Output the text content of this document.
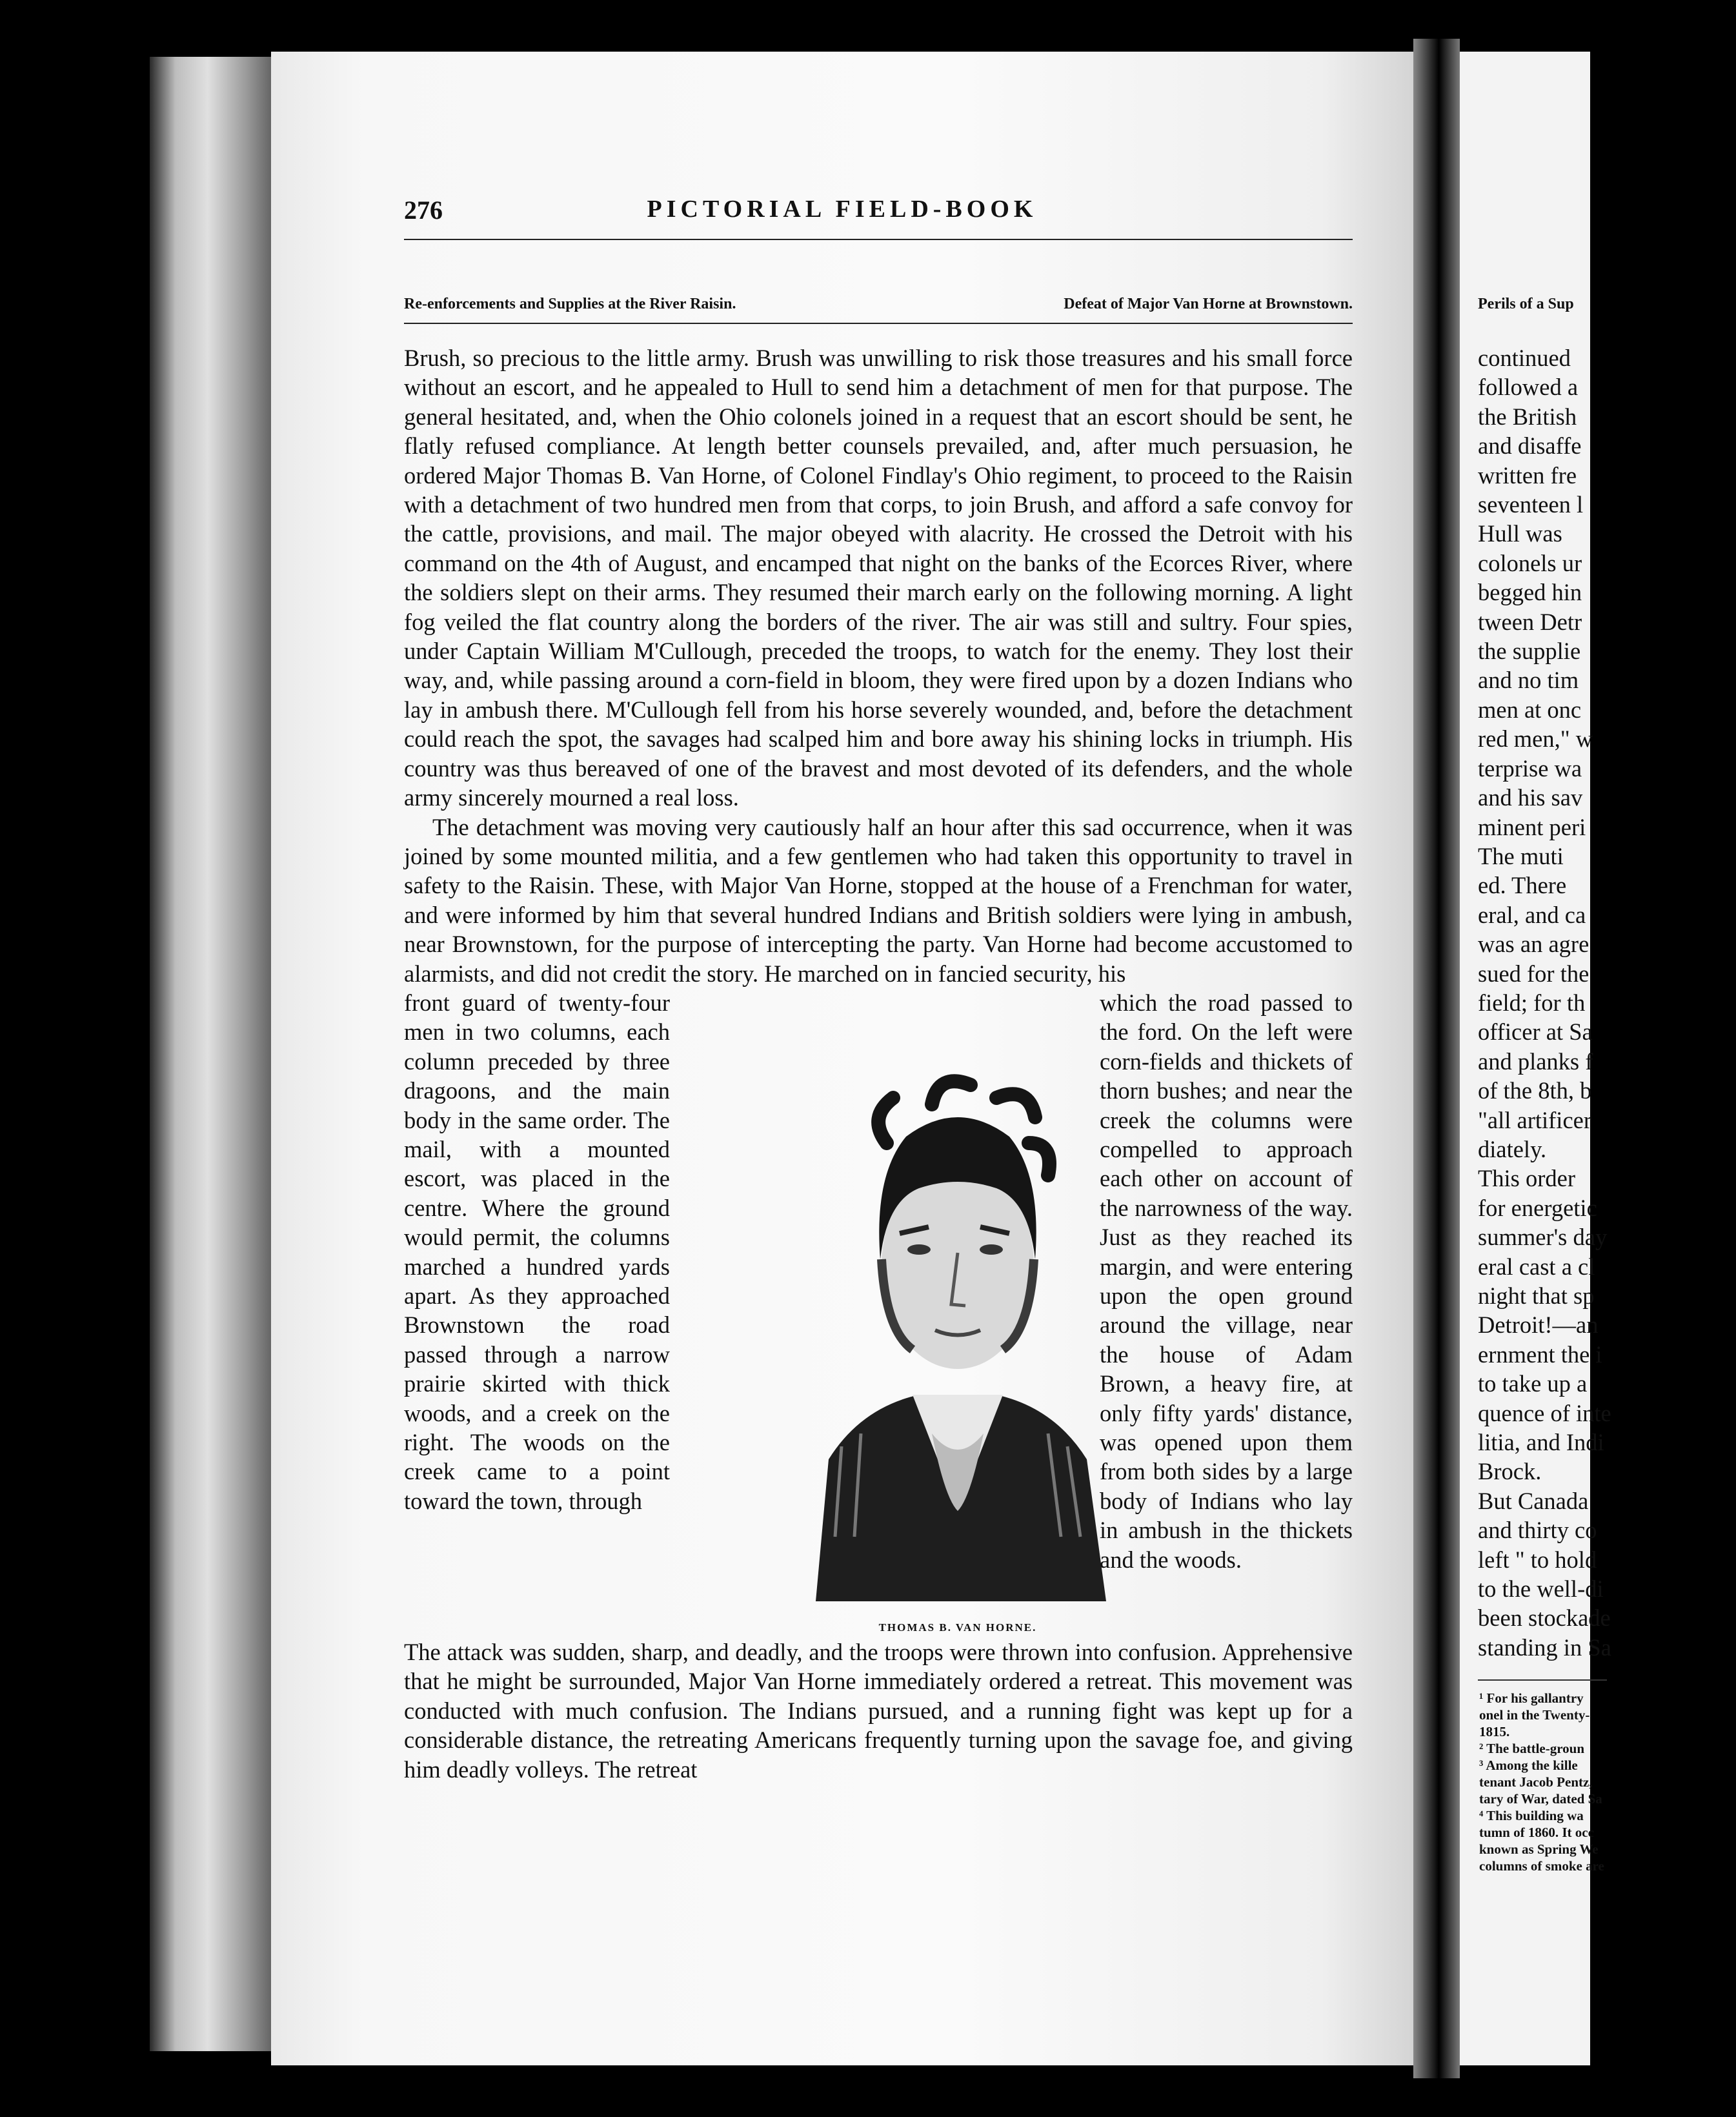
276	PICTORIAL FIELD-BOOK
Re-enforcements and Supplies at the River Raisin.	Defeat of Major Van Horne at Brownstown.

Brush, so precious to the little army. Brush was unwilling to risk those treasures and his small force without an escort, and he appealed to Hull to send him a detachment of men for that purpose. The general hesitated, and, when the Ohio colonels joined in a request that an escort should be sent, he flatly refused compliance. At length better counsels prevailed, and, after much persuasion, he ordered Major Thomas B. Van Horne, of Colonel Findlay's Ohio regiment, to proceed to the Raisin with a detachment of two hundred men from that corps, to join Brush, and afford a safe convoy for the cattle, provisions, and mail. The major obeyed with alacrity. He crossed the Detroit with his command on the 4th of August, and encamped that night on the banks of the Ecorces River, where the soldiers slept on their arms. They resumed their march early on the following morning. A light fog veiled the flat country along the borders of the river. The air was still and sultry. Four spies, under Captain William M'Cullough, preceded the troops, to watch for the enemy. They lost their way, and, while passing around a corn-field in bloom, they were fired upon by a dozen Indians who lay in ambush there. M'Cullough fell from his horse severely wounded, and, before the detachment could reach the spot, the savages had scalped him and bore away his shining locks in triumph. His country was thus bereaved of one of the bravest and most devoted of its defenders, and the whole army sincerely mourned a real loss.

The detachment was moving very cautiously half an hour after this sad occurrence, when it was joined by some mounted militia, and a few gentlemen who had taken this opportunity to travel in safety to the Raisin. These, with Major Van Horne, stopped at the house of a Frenchman for water, and were informed by him that several hundred Indians and British soldiers were lying in ambush, near Brownstown, for the purpose of intercepting the party. Van Horne had become accustomed to alarmists, and did not credit the story. He marched on in fancied security, his

front guard of twenty-four men in two columns, each column preceded by three dragoons, and the main body in the same order. The mail, with a mounted escort, was placed in the centre. Where the ground would permit, the columns marched a hundred yards apart. As they approached Brownstown the road passed through a narrow prairie skirted with thick woods, and a creek on the right. The woods on the creek came to a point toward the town, through
THOMAS B. VAN HORNE.
which the road passed to the ford. On the left were corn-fields and thickets of thorn bushes; and near the creek the columns were compelled to approach each other on account of the narrowness of the way. Just as they reached its margin, and were entering upon the open ground around the village, near the house of Adam Brown, a heavy fire, at only fifty yards' distance, was opened upon them from both sides by a large body of Indians who lay in ambush in the thickets and the woods.

The attack was sudden, sharp, and deadly, and the troops were thrown into confusion. Apprehensive that he might be surrounded, Major Van Horne immediately ordered a retreat. This movement was conducted with much confusion. The Indians pursued, and a running fight was kept up for a considerable distance, the retreating Americans frequently turning upon the savage foe, and giving him deadly volleys. The retreat

Perils of a Sup
continued
followed a
the British
and disaffe
written fre
seventeen l
Hull was
colonels ur
begged hin
tween Detr
the supplie
and no tim
men at onc
red men," w
terprise wa
and his sav
minent peri
The muti
ed. There
eral, and ca
was an agre
sued for the
field; for th
officer at Sa
and planks f
of the 8th, b
"all artificer
diately.
This order
for energetic
summer's day
eral cast a cl
night that sp
Detroit!—an
ernment the i
to take up a
quence of inte
litia, and Indi
Brock.
But Canada
and thirty co
left " to hold
to the well-di
been stockade
standing in Sa
¹ For his gallantry
onel in the Twenty-
1815.
² The battle-groun
³ Among the kille
tenant Jacob Pentz,
tary of War, dated Sa
⁴ This building wa
tumn of 1860. It occ
known as Spring We
columns of smoke are
